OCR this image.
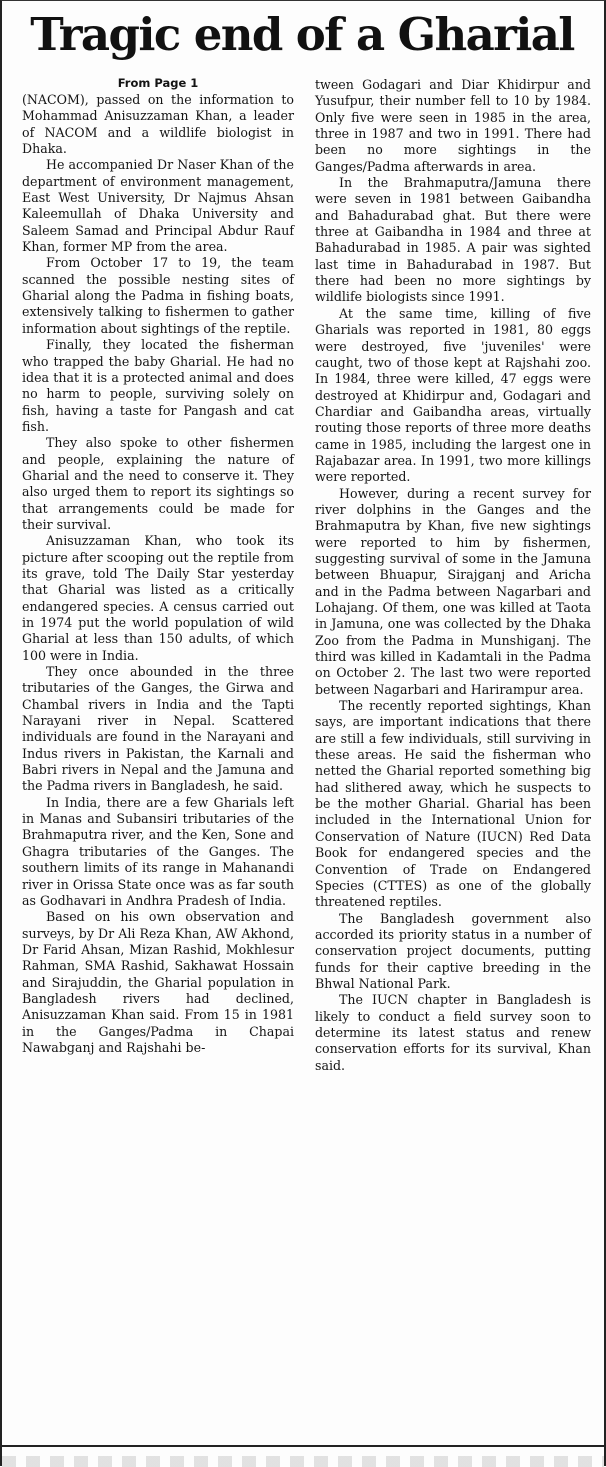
Tragic end of a Gharial
From Page 1

(NACOM), passed on the information to Mohammad Anisuzzaman Khan, a leader of NACOM and a wildlife biologist in Dhaka.

He accompanied Dr Naser Khan of the department of environment management, East West University, Dr Najmus Ahsan Kaleemullah of Dhaka University and Saleem Samad and Principal Abdur Rauf Khan, former MP from the area.

From October 17 to 19, the team scanned the possible nesting sites of Gharial along the Padma in fishing boats, extensively talking to fishermen to gather information about sightings of the reptile.

Finally, they located the fisherman who trapped the baby Gharial. He had no idea that it is a protected animal and does no harm to people, surviving solely on fish, having a taste for Pangash and cat fish.

They also spoke to other fishermen and people, explaining the nature of Gharial and the need to conserve it. They also urged them to report its sightings so that arrangements could be made for their survival.

Anisuzzaman Khan, who took its picture after scooping out the reptile from its grave, told The Daily Star yesterday that Gharial was listed as a critically endangered species. A census carried out in 1974 put the world population of wild Gharial at less than 150 adults, of which 100 were in India.

They once abounded in the three tributaries of the Ganges, the Girwa and Chambal rivers in India and the Tapti Narayani river in Nepal. Scattered individuals are found in the Narayani and Indus rivers in Pakistan, the Karnali and Babri rivers in Nepal and the Jamuna and the Padma rivers in Bangladesh, he said.

In India, there are a few Gharials left in Manas and Subansiri tributaries of the Brahmaputra river, and the Ken, Sone and Ghagra tributaries of the Ganges. The southern limits of its range in Mahanandi river in Orissa State once was as far south as Godhavari in Andhra Pradesh of India.

Based on his own observation and surveys, by Dr Ali Reza Khan, AW Akhond, Dr Farid Ahsan, Mizan Rashid, Mokhlesur Rahman, SMA Rashid, Sakhawat Hossain and Sirajuddin, the Gharial population in Bangladesh rivers had declined, Anisuzzaman Khan said. From 15 in 1981 in the Ganges/Padma in Chapai Nawabganj and Rajshahi be-

tween Godagari and Diar Khidirpur and Yusufpur, their number fell to 10 by 1984. Only five were seen in 1985 in the area, three in 1987 and two in 1991. There had been no more sightings in the Ganges/Padma afterwards in area.

In the Brahmaputra/Jamuna there were seven in 1981 between Gaibandha and Bahadurabad ghat. But there were three at Gaibandha in 1984 and three at Bahadurabad in 1985. A pair was sighted last time in Bahadurabad in 1987. But there had been no more sightings by wildlife biologists since 1991.

At the same time, killing of five Gharials was reported in 1981, 80 eggs were destroyed, five 'juveniles' were caught, two of those kept at Rajshahi zoo. In 1984, three were killed, 47 eggs were destroyed at Khidirpur and, Godagari and Chardiar and Gaibandha areas, virtually routing those reports of three more deaths came in 1985, including the largest one in Rajabazar area. In 1991, two more killings were reported.

However, during a recent survey for river dolphins in the Ganges and the Brahmaputra by Khan, five new sightings were reported to him by fishermen, suggesting survival of some in the Jamuna between Bhuapur, Sirajganj and Aricha and in the Padma between Nagarbari and Lohajang. Of them, one was killed at Taota in Jamuna, one was collected by the Dhaka Zoo from the Padma in Munshiganj. The third was killed in Kadamtali in the Padma on October 2. The last two were reported between Nagarbari and Harirampur area.

The recently reported sightings, Khan says, are important indications that there are still a few individuals, still surviving in these areas. He said the fisherman who netted the Gharial reported something big had slithered away, which he suspects to be the mother Gharial. Gharial has been included in the International Union for Conservation of Nature (IUCN) Red Data Book for endangered species and the Convention of Trade on Endangered Species (CTTES) as one of the globally threatened reptiles.

The Bangladesh government also accorded its priority status in a number of conservation project documents, putting funds for their captive breeding in the Bhwal National Park.

The IUCN chapter in Bangladesh is likely to conduct a field survey soon to determine its latest status and renew conservation efforts for its survival, Khan said.
